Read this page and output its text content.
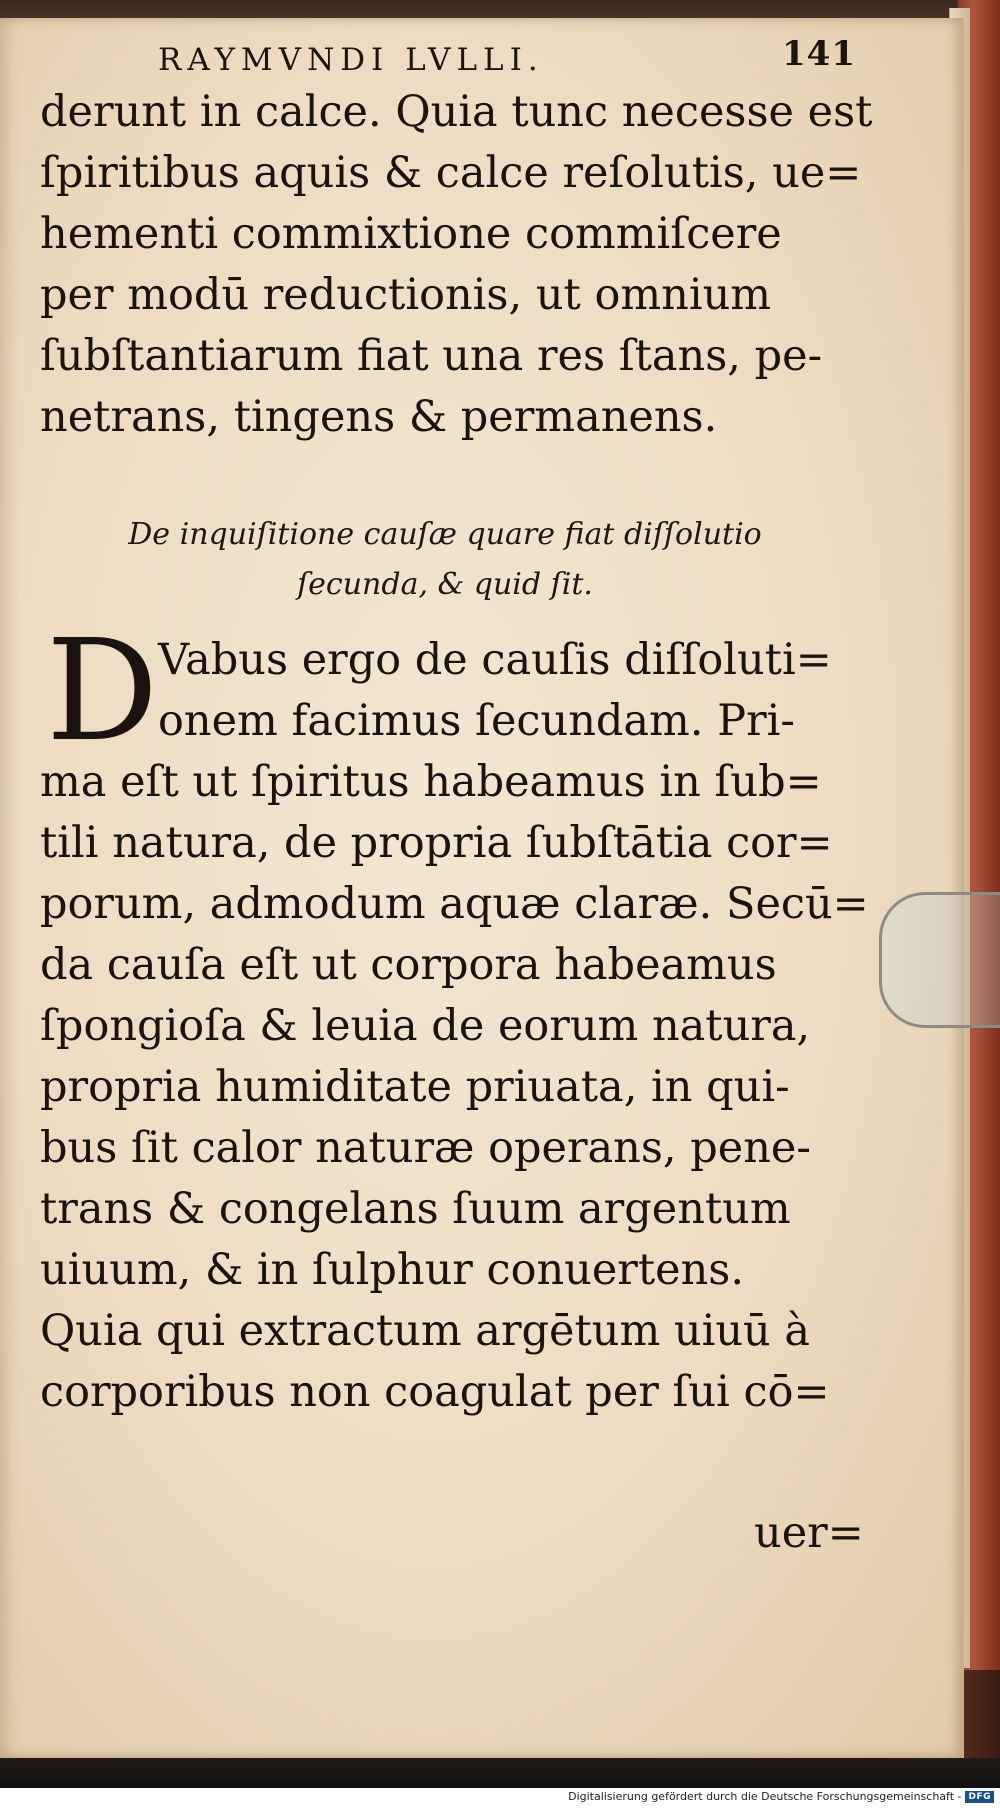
RAYMVNDI LVLLI.	141
derunt in calce. Quia tunc necesse est
ſpiritibus aquis & calce reſolutis, ue=
hementi commixtione commiſcere
per modū reductionis, ut omnium
ſubſtantiarum fiat una res ſtans, pe-
netrans, tingens & permanens.
De inquiſitione cauſæ quare fiat diſſolutio
ſecunda, & quid ſit.
D Vabus ergo de cauſis diſſoluti=
onem facimus ſecundam. Pri-
ma eſt ut ſpiritus habeamus in ſub=
tili natura, de propria ſubſtātia cor=
porum, admodum aquæ claræ. Secū=
da cauſa eſt ut corpora habeamus
ſpongioſa & leuia de eorum natura,
propria humiditate priuata, in qui-
bus ſit calor naturæ operans, pene-
trans & congelans ſuum argentum
uiuum, & in ſulphur conuertens.
Quia qui extractum argētum uiuū à
corporibus non coagulat per ſui cō=
uer=
Digitalisierung gefördert durch die Deutsche Forschungsgemeinschaft - DFG
